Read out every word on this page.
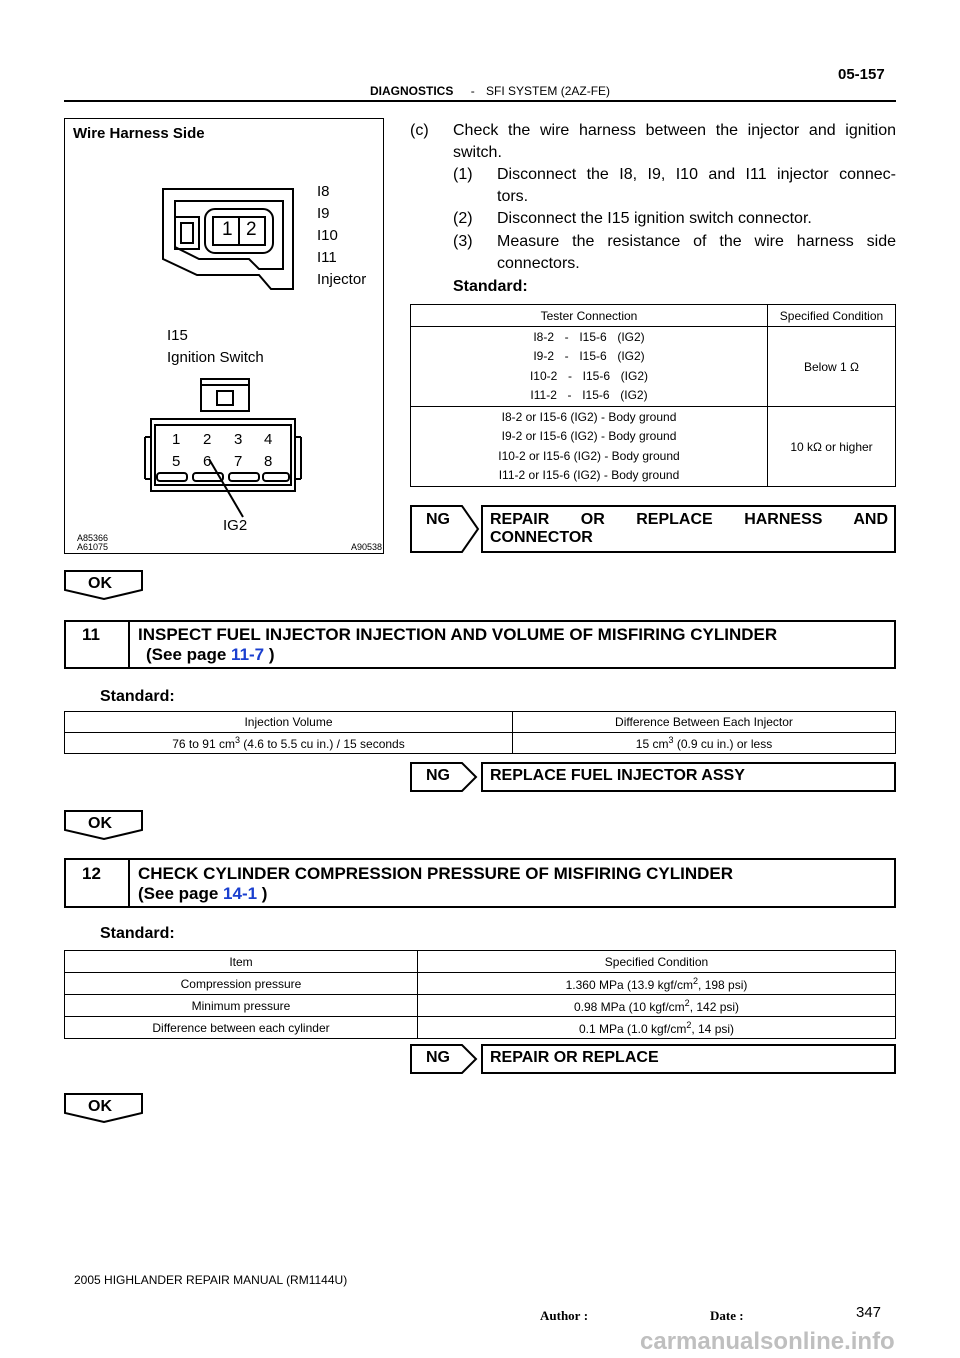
05-157
DIAGNOSTICS - SFI SYSTEM (2AZ-FE)
Wire Harness Side
1 2
I8
I9
I10
I11
Injector
I15
Ignition Switch
1 2 3 4
5 6 7 8
IG2
A85366
A61075	A90538
(c) Check the wire harness between the injector and ignition
switch.
(1) Disconnect the I8, I9, I10 and I11 injector connec-
tors.
(2) Disconnect the I15 ignition switch connector.
(3) Measure the resistance of the wire harness side
connectors.
Standard:
Tester Connection	Specified Condition

I8-2  -  I15-6  (IG2)
I9-2  -  I15-6  (IG2)
I10-2  -  I15-6  (IG2)
I11-2  -  I15-6  (IG2)	Below 1 Ω

I8-2 or I15-6 (IG2) - Body ground
I9-2 or I15-6 (IG2) - Body ground
I10-2 or I15-6 (IG2) - Body ground
I11-2 or I15-6 (IG2) - Body ground	10 kΩ or higher
NG	REPAIR    OR    REPLACE    HARNESS    AND
CONNECTOR
OK
11 INSPECT FUEL INJECTOR INJECTION AND VOLUME OF MISFIRING CYLINDER
(See page 11-7 )
Standard:
Injection Volume	Difference Between Each Injector
76 to 91 $cm^3$ (4.6 to 5.5 cu in.) / 15 seconds	15 $cm^3$ (0.9 cu in.) or less
NG	REPLACE FUEL INJECTOR ASSY
OK
12 CHECK CYLINDER COMPRESSION PRESSURE OF MISFIRING CYLINDER
(See page 14-1 )
Standard:
Item	Specified Condition
Compression pressure	1.360 MPa (13.9 kgf/$cm^2$, 198 psi)
Minimum pressure	0.98 MPa (10 kgf/$cm^2$, 142 psi)
Difference between each cylinder	0.1 MPa (1.0 kgf/$cm^2$, 14 psi)
NG	REPAIR OR REPLACE
OK
2005 HIGHLANDER REPAIR MANUAL (RM1144U)
347
Author :	Date :
carmanualsonline.info
